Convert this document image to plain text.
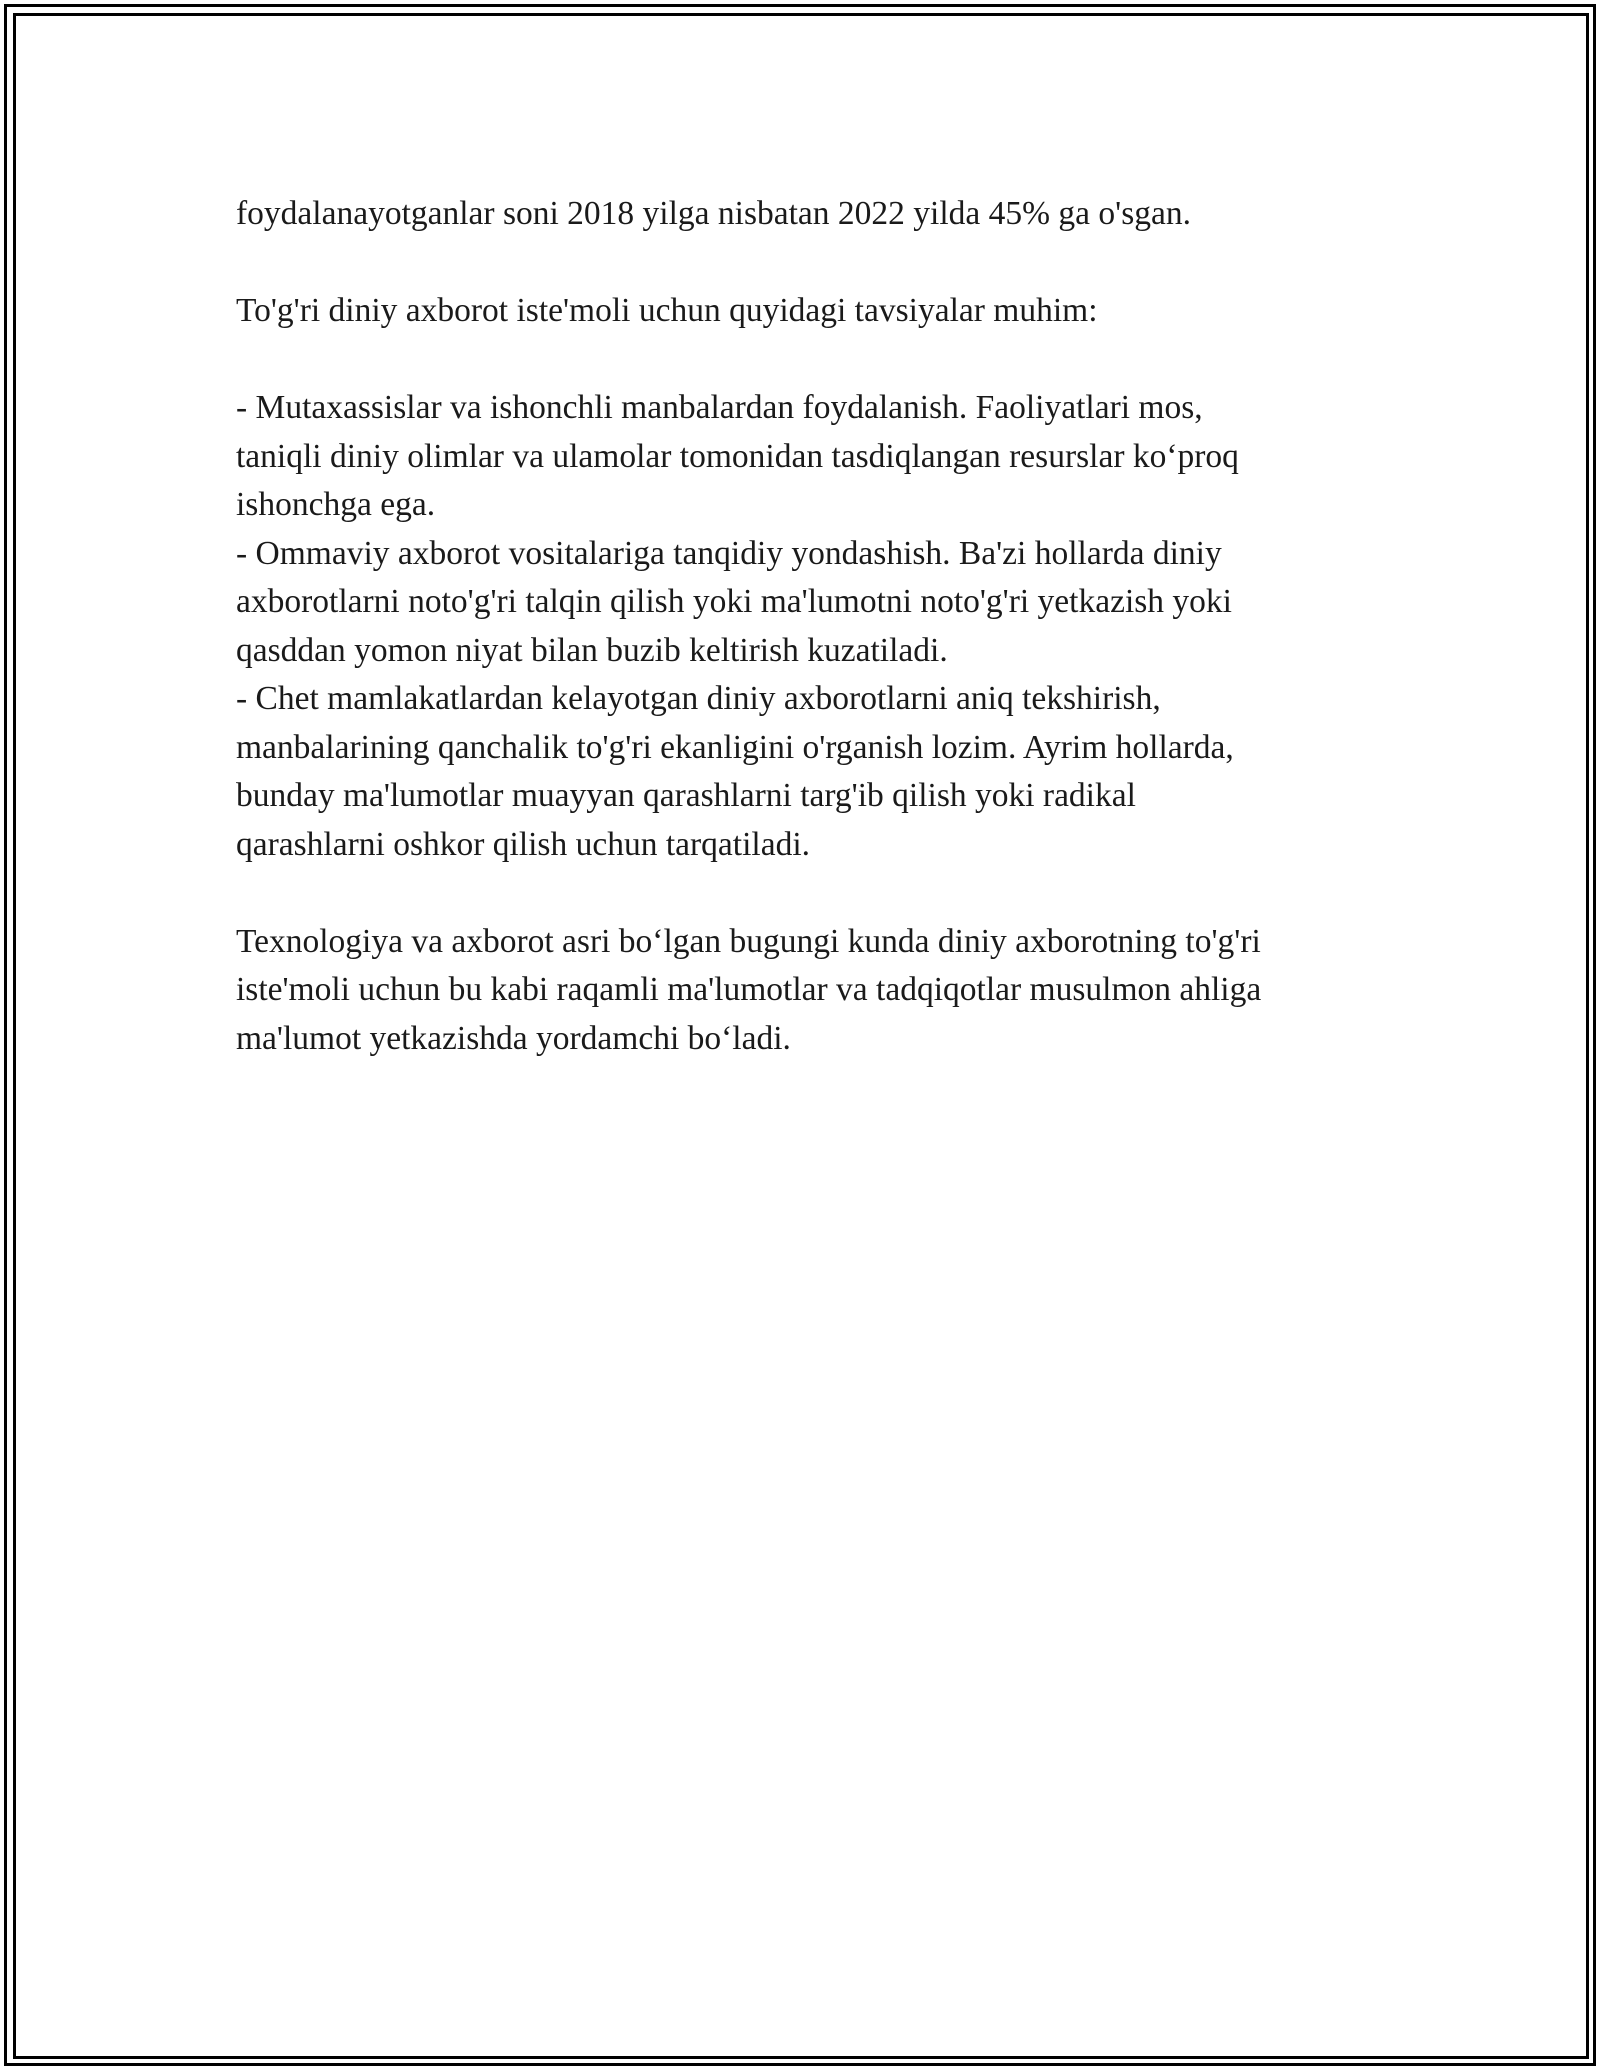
foydalanayotganlar soni 2018 yilga nisbatan 2022 yilda 45% ga o'sgan.

To'g'ri diniy axborot iste'moli uchun quyidagi tavsiyalar muhim:

- Mutaxassislar va ishonchli manbalardan foydalanish. Faoliyatlari mos,
taniqli diniy olimlar va ulamolar tomonidan tasdiqlangan resurslar ko‘proq
ishonchga ega.
- Ommaviy axborot vositalariga tanqidiy yondashish. Ba'zi hollarda diniy
axborotlarni noto'g'ri talqin qilish yoki ma'lumotni noto'g'ri yetkazish yoki
qasddan yomon niyat bilan buzib keltirish kuzatiladi.
- Chet mamlakatlardan kelayotgan diniy axborotlarni aniq tekshirish,
manbalarining qanchalik to'g'ri ekanligini o'rganish lozim. Ayrim hollarda,
bunday ma'lumotlar muayyan qarashlarni targ'ib qilish yoki radikal
qarashlarni oshkor qilish uchun tarqatiladi.

Texnologiya va axborot asri bo‘lgan bugungi kunda diniy axborotning to'g'ri
iste'moli uchun bu kabi raqamli ma'lumotlar va tadqiqotlar musulmon ahliga
ma'lumot yetkazishda yordamchi bo‘ladi.
